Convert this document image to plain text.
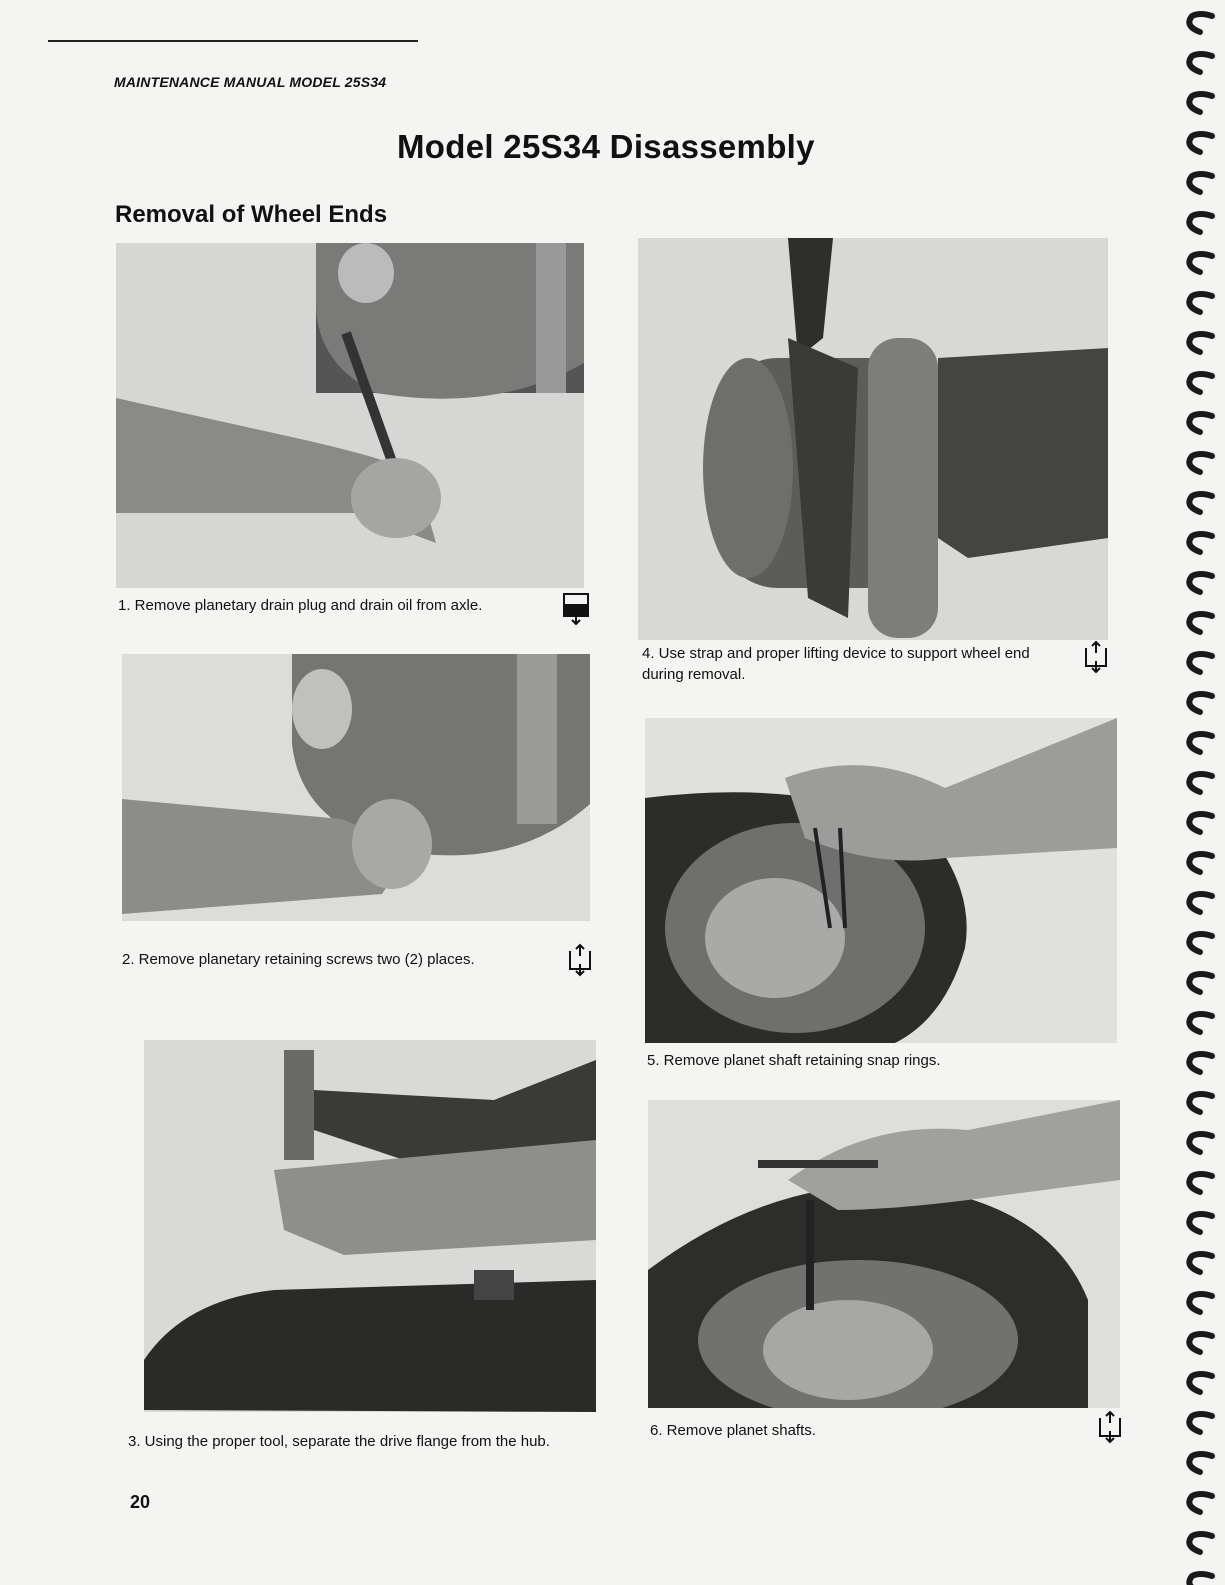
MAINTENANCE MANUAL MODEL 25S34
Model 25S34 Disassembly
Removal of Wheel Ends
1. Remove planetary drain plug and drain oil from axle.
2. Remove planetary retaining screws two (2) places.
3. Using the proper tool, separate the drive flange from the hub.
4. Use strap and proper lifting device to support wheel end during removal.
5. Remove planet shaft retaining snap rings.
6. Remove planet shafts.
20
